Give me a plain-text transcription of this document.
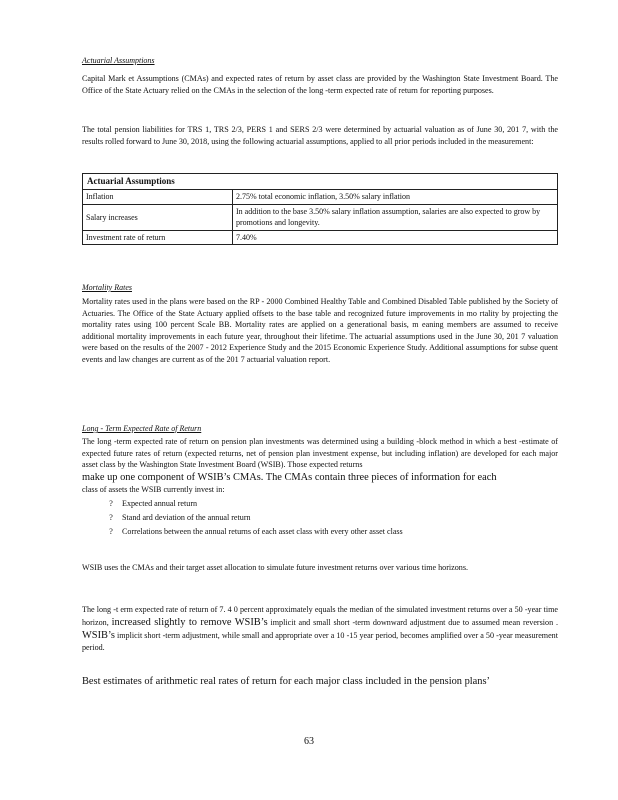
Actuarial Assumptions

Capital Mark et Assumptions (CMAs) and expected rates of return by asset class are provided by the Washington State Investment Board. The Office of the State Actuary relied on the CMAs in the selection of the long -term expected rate of return for reporting purposes.

The total pension liabilities for TRS 1, TRS 2/3, PERS 1 and SERS 2/3 were determined by actuarial valuation as of June 30, 201 7, with the results rolled forward to June 30, 2018, using the following actuarial assumptions, applied to all prior periods included in the measurement:

Actuarial Assumptions	
Inflation	2.75% total economic inflation, 3.50% salary inflation
Salary increases	In addition to the base 3.50% salary inflation assumption, salaries are also expected to grow by promotions and longevity.
Investment rate of return	7.40%
Mortality Rates

Mortality rates used in the plans were based on the RP - 2000 Combined Healthy Table and Combined Disabled Table published by the Society of Actuaries. The Office of the State Actuary applied offsets to the base table and recognized future improvements in mo rtality by projecting the mortality rates using 100 percent Scale BB. Mortality rates are applied on a generational basis, m eaning members are assumed to receive additional mortality improvements in each future year, throughout their lifetime. The actuarial assumptions used in the June 30, 201 7 valuation were based on the results of the 2007 - 2012 Experience Study and the 2015 Economic Experience Study. Additional assumptions for subse quent events and law changes are current as of the 201 7 actuarial valuation report.

Long - Term Expected Rate of Return

The long -term expected rate of return on pension plan investments was determined using a building -block method in which a best -estimate of expected future rates of return (expected returns, net of pension plan investment expense, but including inflation) are developed for each major asset class by the Washington State Investment Board (WSIB). Those expected returns

make up one component of WSIB’s CMAs. The CMAs contain three pieces of information for each

class of assets the WSIB currently invest in:

?	Expected annual return
?	Stand ard deviation of the annual return
?	Correlations between the annual returns of each asset class with every other asset class

WSIB uses the CMAs and their target asset allocation to simulate future investment returns over various time horizons.

The long -t erm expected rate of return of 7. 4 0 percent approximately equals the median of the simulated investment returns over a 50 -year time horizon, increased slightly to remove WSIB’s implicit and small short -term downward adjustment due to assumed mean reversion . WSIB’s implicit short -term adjustment, while small and appropriate over a 10 -15 year period, becomes amplified over a 50 -year measurement period.

Best estimates of arithmetic real rates of return for each major class included in the pension plans’

63
